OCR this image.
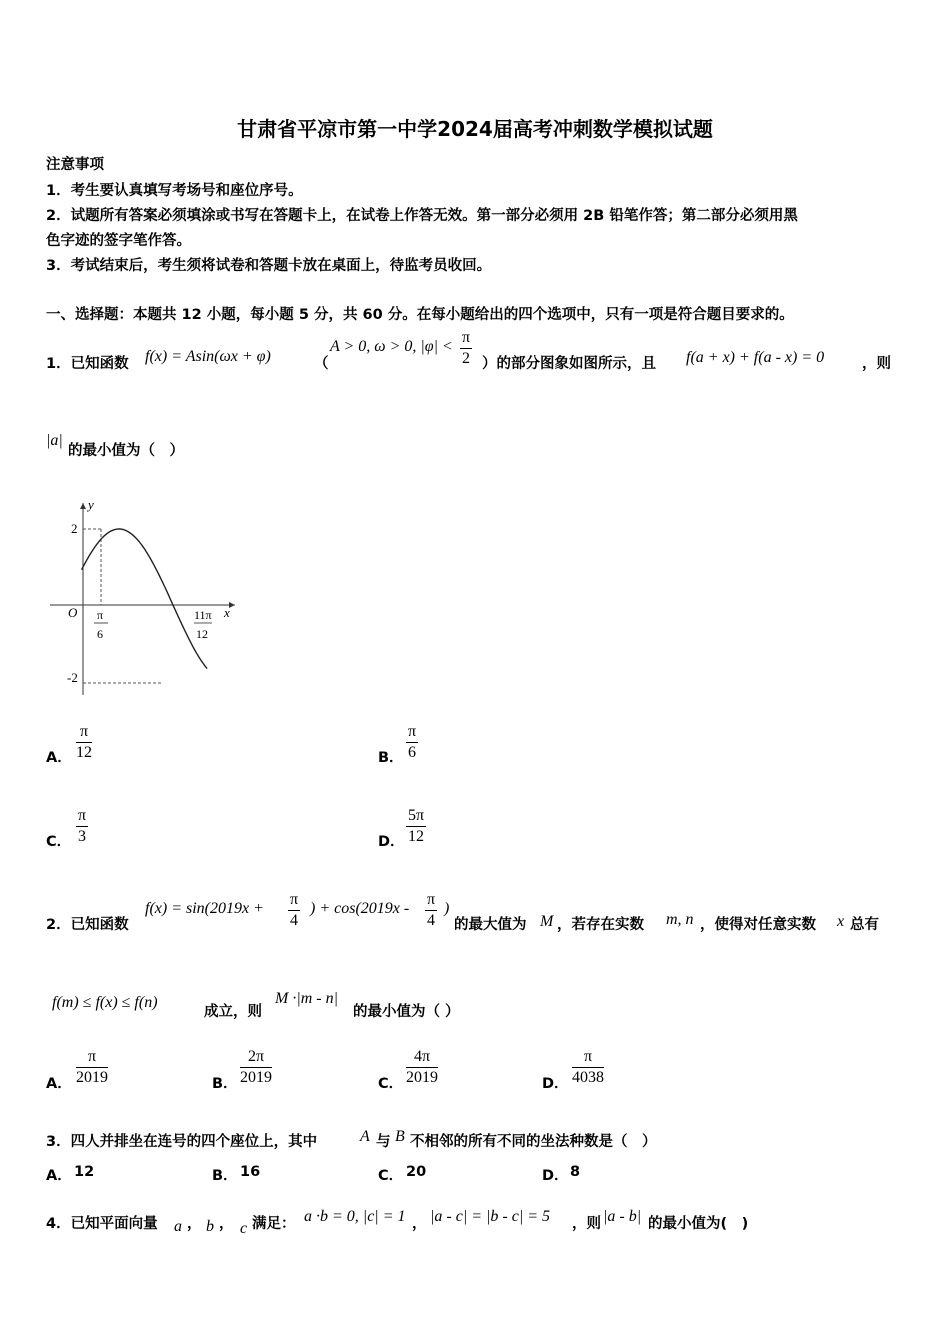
甘肃省平凉市第一中学2024届高考冲刺数学模拟试题
注意事项
1．考生要认真填写考场号和座位序号。
2．试题所有答案必须填涂或书写在答题卡上，在试卷上作答无效。第一部分必须用 2B 铅笔作答；第二部分必须用黑
色字迹的签字笔作答。
3．考试结束后，考生须将试卷和答题卡放在桌面上，待监考员收回。
一、选择题：本题共 12 小题，每小题 5 分，共 60 分。在每小题给出的四个选项中，只有一项是符合题目要求的。
1．已知函数 f(x) = Asin(ωx + φ)	（
A > 0, ω > 0, $|\varphi| < \frac{\pi}{2}$ ）的部分图象如图所示，且 f(a + x) + f(a - x) = 0	，则
|a|
的最小值为（　）
y
x
O
2
-2
π
6
11π
12
A． $\frac{\pi}{12}$	B． $\frac{\pi}{6}$
C． $\frac{\pi}{3}$	D． $\frac{5\pi}{12}$
2．已知函数
$f(x) = \sin(2019x + \frac{\pi}{4}$ ) + $\cos(2019x - \frac{\pi}{4}$ )
的最大值为 M ，若存在实数 m, n ，使得对任意实数 x 总有
f(m) ≤ f(x) ≤ f(n)
成立，则
M ·|m - n|
的最小值为（ ）
A． $\frac{\pi}{2019}$	B． $\frac{2\pi}{2019}$	C． $\frac{4\pi}{2019}$	D． $\frac{\pi}{4038}$
3．四人并排坐在连号的四个座位上，其中	A 与 B 不相邻的所有不同的坐法种数是（　）
A． 12	B． 16	C． 20	D． 8
4．已知平面向量 a ， b ， c 满足： a ·b = 0, |c| = 1 ， |a - c| = |b - c| = 5 ，则 |a - b| 的最小值为(　)
